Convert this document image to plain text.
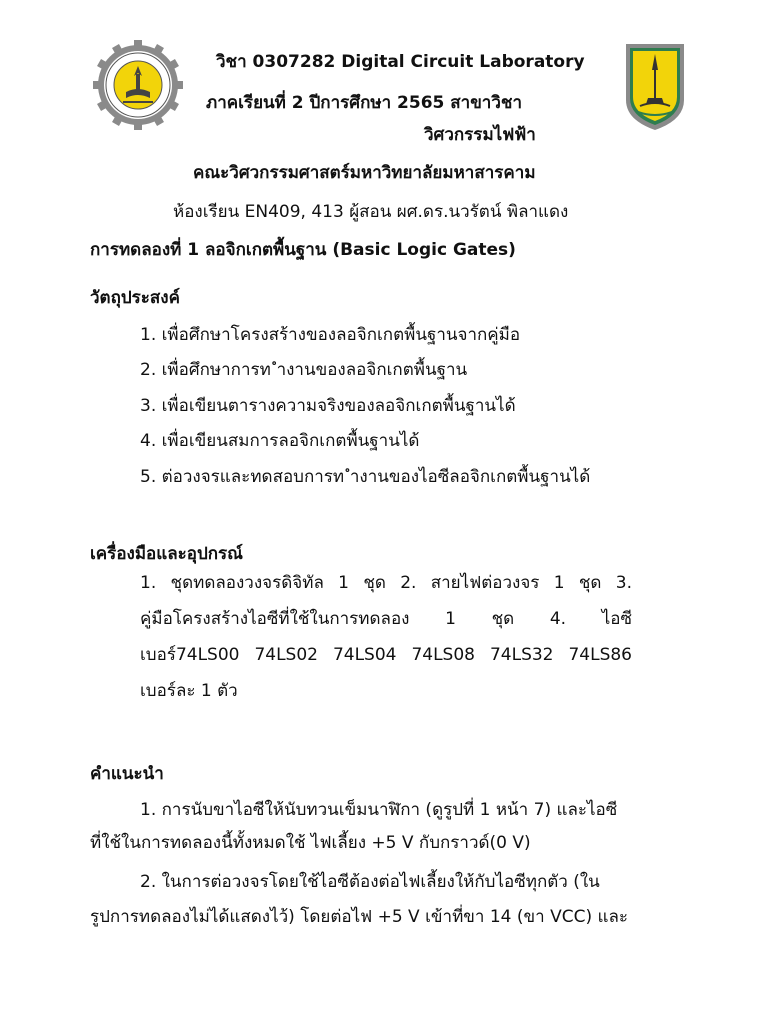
วิชา 0307282 Digital Circuit Laboratory
ภาคเรียนที่ 2 ปีการศึกษา 2565 สาขาวิชา
วิศวกรรมไฟฟ้า
คณะวิศวกรรมศาสตร์มหาวิทยาลัยมหาสารคาม
ห้องเรียน EN409, 413 ผู้สอน ผศ.ดร.นวรัตน์ พิลาแดง
การทดลองที่ 1 ลอจิกเกตพื้นฐาน (Basic Logic Gates)
วัตถุประสงค์
1. เพื่อศึกษาโครงสร้างของลอจิกเกตพื้นฐานจากคู่มือ
2. เพื่อศึกษาการท ำงานของลอจิกเกตพื้นฐาน
3. เพื่อเขียนตารางความจริงของลอจิกเกตพื้นฐานได้
4. เพื่อเขียนสมการลอจิกเกตพื้นฐานได้
5. ต่อวงจรและทดสอบการท ำงานของไอซีลอจิกเกตพื้นฐานได้
เครื่องมือและอุปกรณ์
1. ชุดทดลองวงจรดิจิทัล 1 ชุด 2. สายไฟต่อวงจร 1 ชุด 3.
คู่มือโครงสร้างไอซีที่ใช้ในการทดลอง 1 ชุด 4. ไอซี
เบอร์74LS00 74LS02 74LS04 74LS08 74LS32 74LS86
เบอร์ละ 1 ตัว
คำแนะนำ
1. การนับขาไอซีให้นับทวนเข็มนาฬิกา (ดูรูปที่ 1 หน้า 7) และไอซี
ที่ใช้ในการทดลองนี้ทั้งหมดใช้ ไฟเลี้ยง +5 V กับกราวด์(0 V)
2. ในการต่อวงจรโดยใช้ไอซีต้องต่อไฟเลี้ยงให้กับไอซีทุกตัว (ใน
รูปการทดลองไม่ได้แสดงไว้) โดยต่อไฟ +5 V เข้าที่ขา 14 (ขา VCC) และ
